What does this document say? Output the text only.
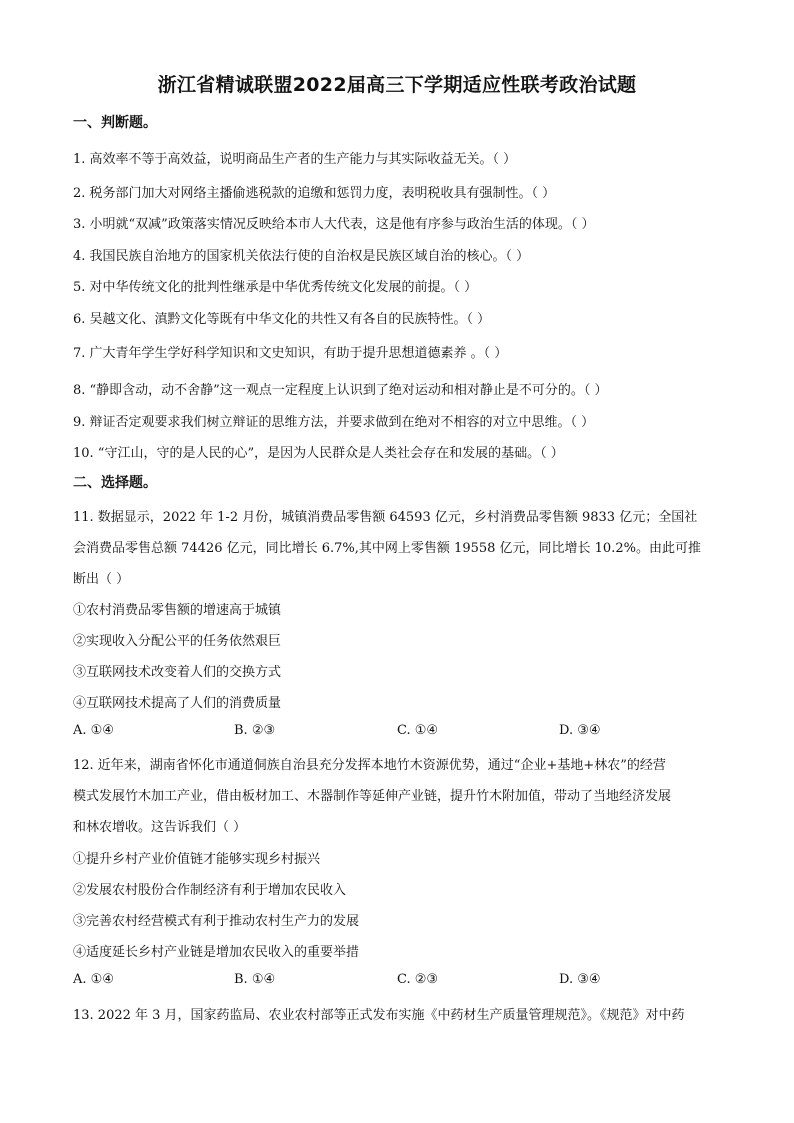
浙江省精诚联盟2022届高三下学期适应性联考政治试题
一、判断题。
1. 高效率不等于高效益，说明商品生产者的生产能力与其实际收益无关。（ ）
2. 税务部门加大对网络主播偷逃税款的追缴和惩罚力度，表明税收具有强制性。（ ）
3. 小明就“双减”政策落实情况反映给本市人大代表，这是他有序参与政治生活的体现。（ ）
4. 我国民族自治地方的国家机关依法行使的自治权是民族区域自治的核心。（ ）
5. 对中华传统文化的批判性继承是中华优秀传统文化发展的前提。（ ）
6. 吴越文化、滇黔文化等既有中华文化的共性又有各自的民族特性。（ ）
7. 广大青年学生学好科学知识和文史知识，有助于提升思想道德素养 。（ ）
8. “静即含动，动不舍静”这一观点一定程度上认识到了绝对运动和相对静止是不可分的。（ ）
9. 辩证否定观要求我们树立辩证的思维方法，并要求做到在绝对不相容的对立中思维。（ ）
10. “守江山，守的是人民的心”，是因为人民群众是人类社会存在和发展的基础。（ ）
二、选择题。
11. 数据显示，2022 年 1-2 月份，城镇消费品零售额 64593 亿元，乡村消费品零售额 9833 亿元；全国社
会消费品零售总额 74426 亿元，同比增长 6.7%,其中网上零售额 19558 亿元，同比增长 10.2%。由此可推
断出（ ）
①农村消费品零售额的增速高于城镇
②实现收入分配公平的任务依然艰巨
③互联网技术改变着人们的交换方式
④互联网技术提高了人们的消费质量
A. ①④	B. ②③	C. ①④	D. ③④
12. 近年来，湖南省怀化市通道侗族自治县充分发挥本地竹木资源优势，通过“企业+基地+林农”的经营
模式发展竹木加工产业，借由板材加工、木器制作等延伸产业链，提升竹木附加值，带动了当地经济发展
和林农增收。这告诉我们（ ）
①提升乡村产业价值链才能够实现乡村振兴
②发展农村股份合作制经济有利于增加农民收入
③完善农村经营模式有利于推动农村生产力的发展
④适度延长乡村产业链是增加农民收入的重要举措
A. ①④	B. ①④	C. ②③	D. ③④
13. 2022 年 3 月，国家药监局、农业农村部等正式发布实施《中药材生产质量管理规范》。《规范》对中药
